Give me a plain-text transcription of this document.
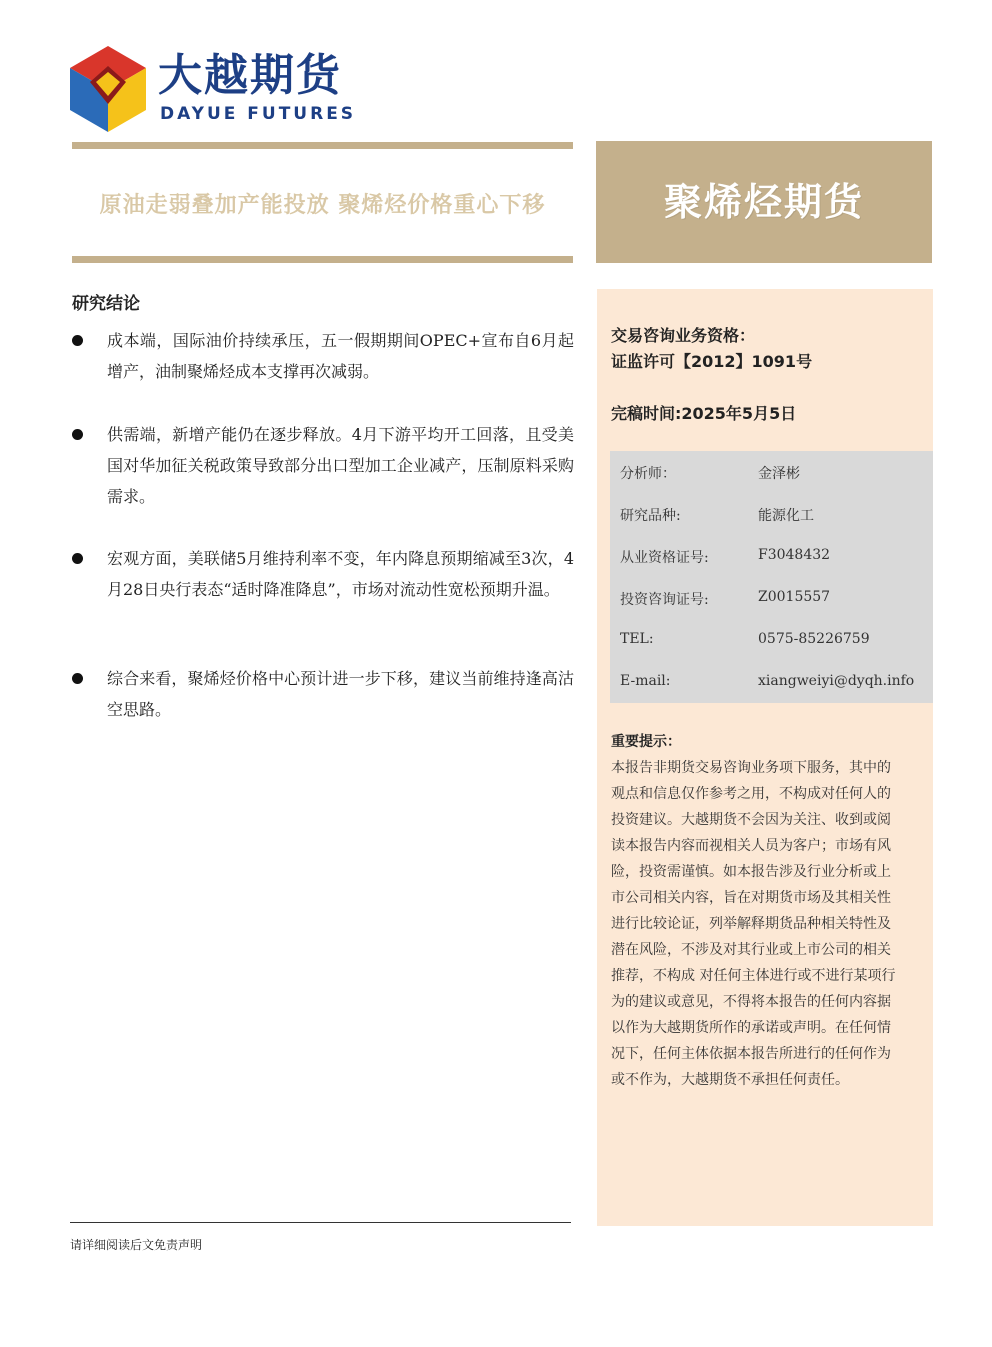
大越期货
DAYUE FUTURES
原油走弱叠加产能投放 聚烯烃价格重心下移	聚烯烃期货
研究结论

成本端，国际油价持续承压，五一假期期间OPEC+宣布自6月起增产，油制聚烯烃成本支撑再次减弱。

供需端，新增产能仍在逐步释放。4月下游平均开工回落，且受美国对华加征关税政策导致部分出口型加工企业减产，压制原料采购需求。

宏观方面，美联储5月维持利率不变，年内降息预期缩减至3次，4月28日央行表态“适时降准降息”，市场对流动性宽松预期升温。

综合来看，聚烯烃价格中心预计进一步下移，建议当前维持逢高沽空思路。

请详细阅读后文免责声明
交易咨询业务资格：
证监许可【2012】1091号
完稿时间:2025年5月5日
分析师：	金泽彬
研究品种:	能源化工
从业资格证号:	F3048432
投资咨询证号:	Z0015557
TEL:	0575-85226759
E-mail:	xiangweiyi@dyqh.info
重要提示：
本报告非期货交易咨询业务项下服务，其中的
观点和信息仅作参考之用，不构成对任何人的
投资建议。大越期货不会因为关注、收到或阅
读本报告内容而视相关人员为客户；市场有风
险，投资需谨慎。如本报告涉及行业分析或上
市公司相关内容，旨在对期货市场及其相关性
进行比较论证，列举解释期货品种相关特性及
潜在风险，不涉及对其行业或上市公司的相关
推荐，不构成 对任何主体进行或不进行某项行
为的建议或意见，不得将本报告的任何内容据
以作为大越期货所作的承诺或声明。在任何情
况下，任何主体依据本报告所进行的任何作为
或不作为，大越期货不承担任何责任。
